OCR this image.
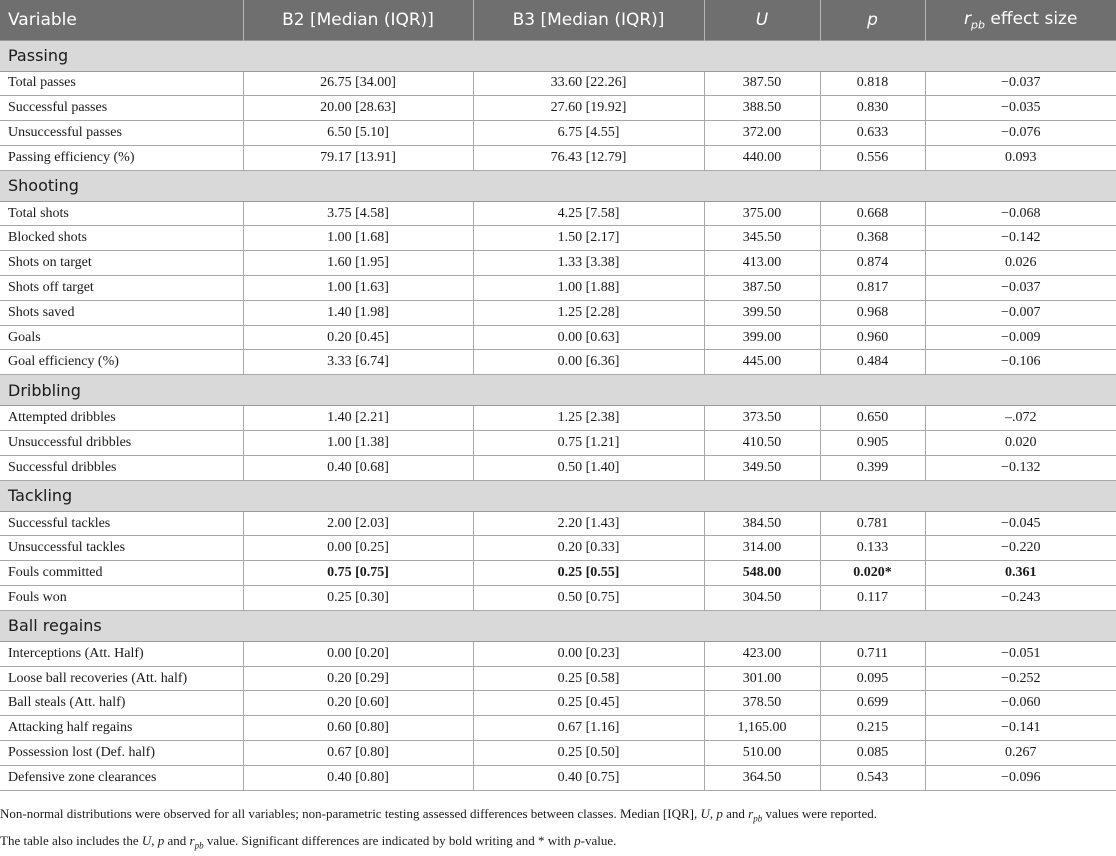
Variable	B2 [Median (IQR)]	B3 [Median (IQR)]	U	p	$r_{pb}$ effect size
Passing					
Total passes	26.75 [34.00]	33.60 [22.26]	387.50	0.818	−0.037
Successful passes	20.00 [28.63]	27.60 [19.92]	388.50	0.830	−0.035
Unsuccessful passes	6.50 [5.10]	6.75 [4.55]	372.00	0.633	−0.076
Passing efficiency (%)	79.17 [13.91]	76.43 [12.79]	440.00	0.556	0.093
Shooting					
Total shots	3.75 [4.58]	4.25 [7.58]	375.00	0.668	−0.068
Blocked shots	1.00 [1.68]	1.50 [2.17]	345.50	0.368	−0.142
Shots on target	1.60 [1.95]	1.33 [3.38]	413.00	0.874	0.026
Shots off target	1.00 [1.63]	1.00 [1.88]	387.50	0.817	−0.037
Shots saved	1.40 [1.98]	1.25 [2.28]	399.50	0.968	−0.007
Goals	0.20 [0.45]	0.00 [0.63]	399.00	0.960	−0.009
Goal efficiency (%)	3.33 [6.74]	0.00 [6.36]	445.00	0.484	−0.106
Dribbling					
Attempted dribbles	1.40 [2.21]	1.25 [2.38]	373.50	0.650	–.072
Unsuccessful dribbles	1.00 [1.38]	0.75 [1.21]	410.50	0.905	0.020
Successful dribbles	0.40 [0.68]	0.50 [1.40]	349.50	0.399	−0.132
Tackling					
Successful tackles	2.00 [2.03]	2.20 [1.43]	384.50	0.781	−0.045
Unsuccessful tackles	0.00 [0.25]	0.20 [0.33]	314.00	0.133	−0.220
Fouls committed	0.75 [0.75]	0.25 [0.55]	548.00	0.020*	0.361
Fouls won	0.25 [0.30]	0.50 [0.75]	304.50	0.117	−0.243
Ball regains					
Interceptions (Att. Half)	0.00 [0.20]	0.00 [0.23]	423.00	0.711	−0.051
Loose ball recoveries (Att. half)	0.20 [0.29]	0.25 [0.58]	301.00	0.095	−0.252
Ball steals (Att. half)	0.20 [0.60]	0.25 [0.45]	378.50	0.699	−0.060
Attacking half regains	0.60 [0.80]	0.67 [1.16]	1,165.00	0.215	−0.141
Possession lost (Def. half)	0.67 [0.80]	0.25 [0.50]	510.00	0.085	0.267
Defensive zone clearances	0.40 [0.80]	0.40 [0.75]	364.50	0.543	−0.096
Non-normal distributions were observed for all variables; non-parametric testing assessed differences between classes. Median [IQR], U, p and $r_{pb}$ values were reported.
The table also includes the U, p and $r_{pb}$ value. Significant differences are indicated by bold writing and * with p-value.
